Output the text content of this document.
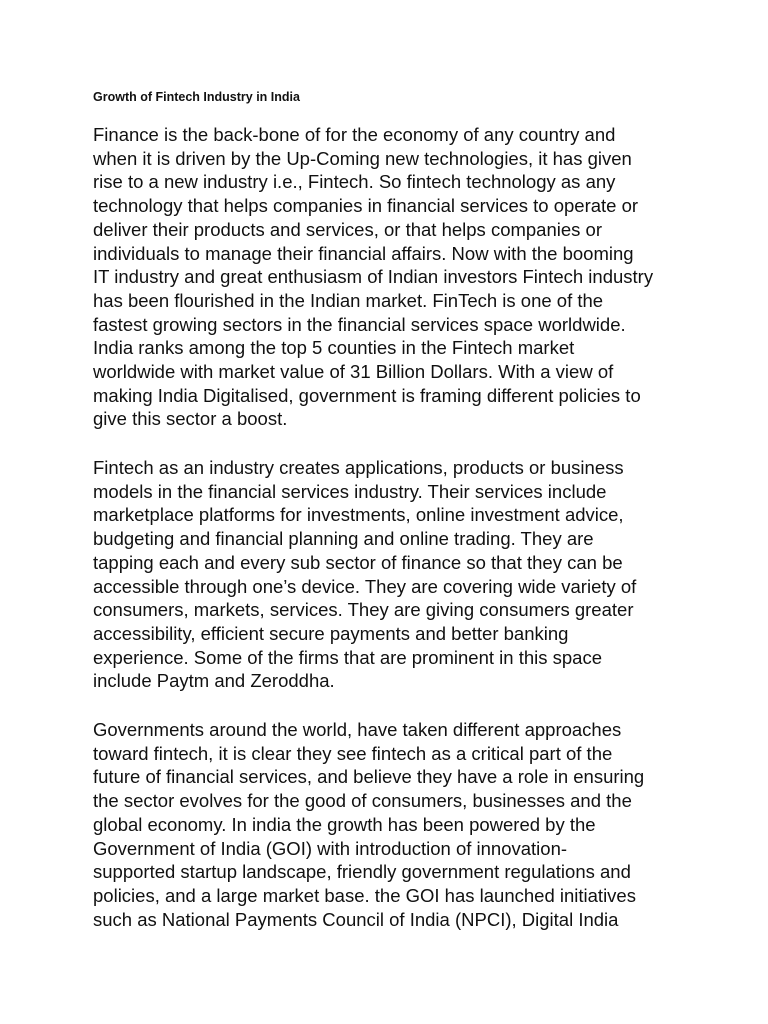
Growth of Fintech Industry in India
Finance is the back-bone of for the economy of any country and
when it is driven by the Up-Coming new technologies, it has given
rise to a new industry i.e., Fintech. So fintech technology as any
technology that helps companies in financial services to operate or
deliver their products and services, or that helps companies or
individuals to manage their financial affairs. Now with the booming
IT industry and great enthusiasm of Indian investors Fintech industry
has been flourished in the Indian market. FinTech is one of the
fastest growing sectors in the financial services space worldwide.
India ranks among the top 5 counties in the Fintech market
worldwide with market value of 31 Billion Dollars. With a view of
making India Digitalised, government is framing different policies to
give this sector a boost.
Fintech as an industry creates applications, products or business
models in the financial services industry. Their services include
marketplace platforms for investments, online investment advice,
budgeting and financial planning and online trading. They are
tapping each and every sub sector of finance so that they can be
accessible through one’s device. They are covering wide variety of
consumers, markets, services. They are giving consumers greater
accessibility, efficient secure payments and better banking
experience. Some of the firms that are prominent in this space
include Paytm and Zeroddha.
Governments around the world, have taken different approaches
toward fintech, it is clear they see fintech as a critical part of the
future of financial services, and believe they have a role in ensuring
the sector evolves for the good of consumers, businesses and the
global economy. In india the growth has been powered by the
Government of India (GOI) with introduction of innovation-
supported startup landscape, friendly government regulations and
policies, and a large market base. the GOI has launched initiatives
such as National Payments Council of India (NPCI), Digital India
